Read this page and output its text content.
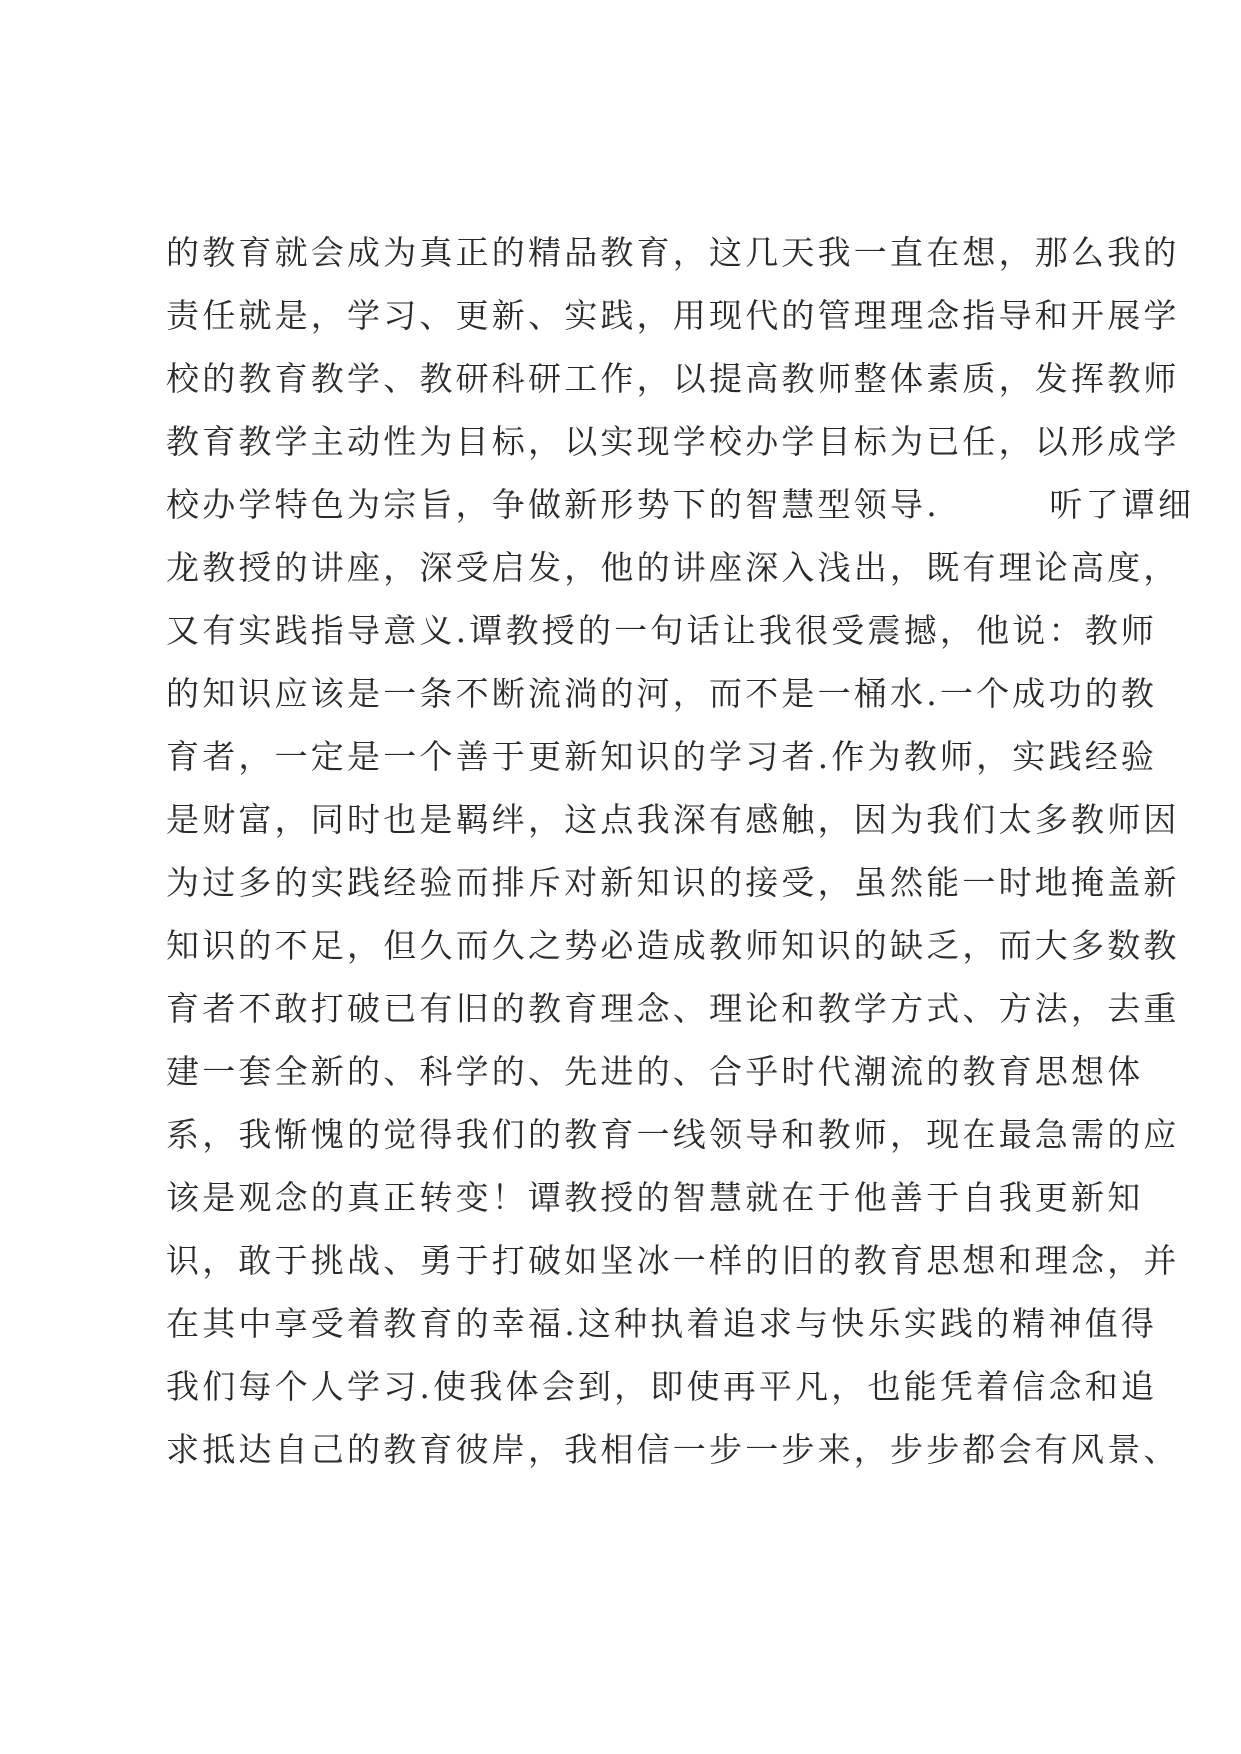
的教育就会成为真正的精品教育，这几天我一直在想，那么我的
责任就是，学习、更新、实践，用现代的管理理念指导和开展学
校的教育教学、教研科研工作，以提高教师整体素质，发挥教师
教育教学主动性为目标，以实现学校办学目标为已任，以形成学
校办学特色为宗旨，争做新形势下的智慧型领导.        听了谭细
龙教授的讲座，深受启发，他的讲座深入浅出，既有理论高度，
又有实践指导意义.谭教授的一句话让我很受震撼，他说：教师
的知识应该是一条不断流淌的河，而不是一桶水.一个成功的教
育者，一定是一个善于更新知识的学习者.作为教师，实践经验
是财富，同时也是羁绊，这点我深有感触，因为我们太多教师因
为过多的实践经验而排斥对新知识的接受，虽然能一时地掩盖新
知识的不足，但久而久之势必造成教师知识的缺乏，而大多数教
育者不敢打破已有旧的教育理念、理论和教学方式、方法，去重
建一套全新的、科学的、先进的、合乎时代潮流的教育思想体
系，我惭愧的觉得我们的教育一线领导和教师，现在最急需的应
该是观念的真正转变！谭教授的智慧就在于他善于自我更新知
识，敢于挑战、勇于打破如坚冰一样的旧的教育思想和理念，并
在其中享受着教育的幸福.这种执着追求与快乐实践的精神值得
我们每个人学习.使我体会到，即使再平凡，也能凭着信念和追
求抵达自己的教育彼岸，我相信一步一步来，步步都会有风景、
